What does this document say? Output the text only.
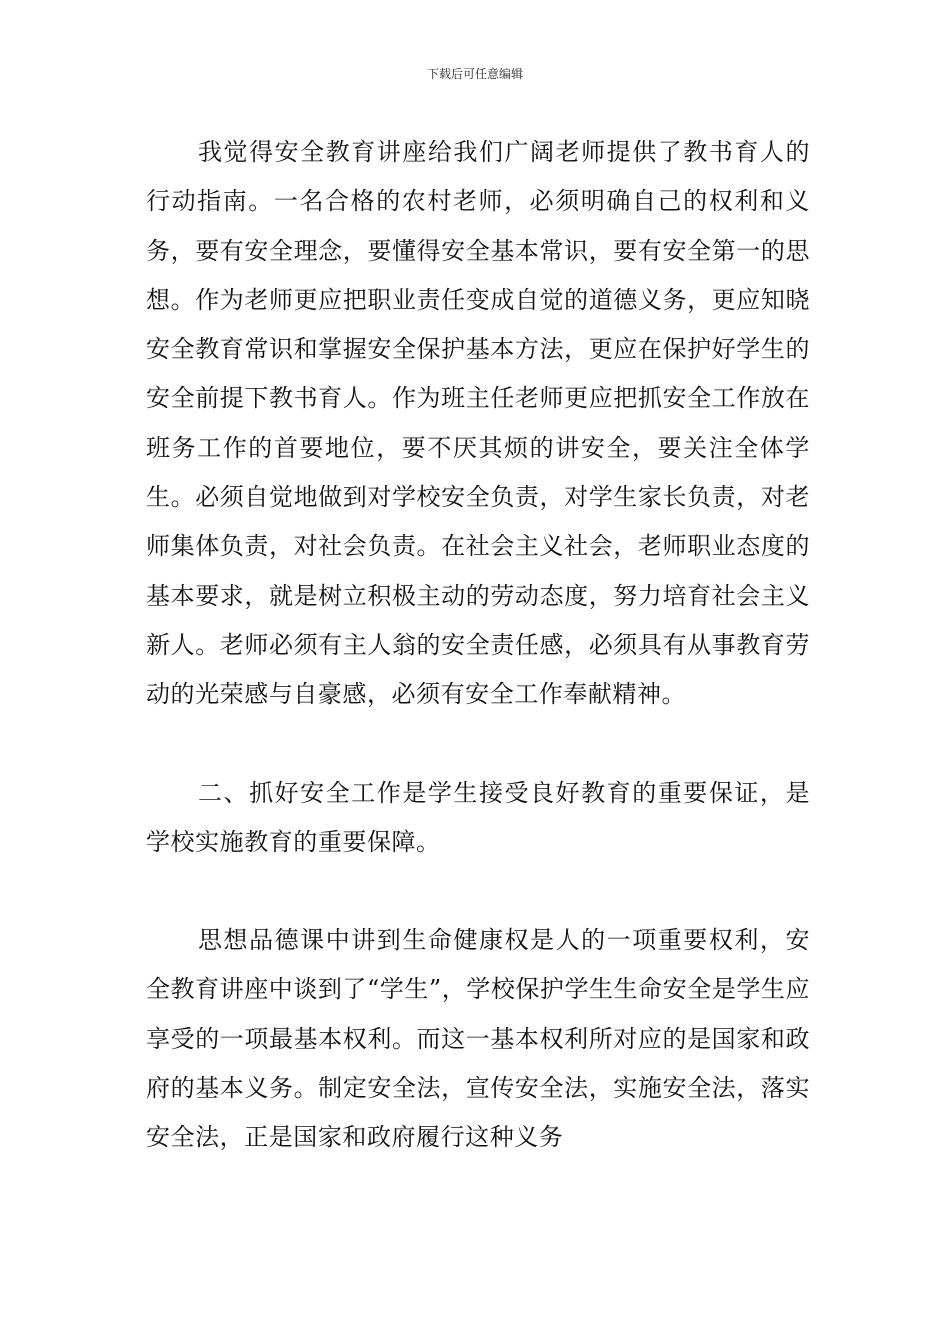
下载后可任意编辑

我觉得安全教育讲座给我们广阔老师提供了教书育人的行动指南。一名合格的农村老师，必须明确自己的权利和义务，要有安全理念，要懂得安全基本常识，要有安全第一的思想。作为老师更应把职业责任变成自觉的道德义务，更应知晓安全教育常识和掌握安全保护基本方法，更应在保护好学生的安全前提下教书育人。作为班主任老师更应把抓安全工作放在班务工作的首要地位，要不厌其烦的讲安全，要关注全体学生。必须自觉地做到对学校安全负责，对学生家长负责，对老师集体负责，对社会负责。在社会主义社会，老师职业态度的基本要求，就是树立积极主动的劳动态度，努力培育社会主义新人。老师必须有主人翁的安全责任感，必须具有从事教育劳动的光荣感与自豪感，必须有安全工作奉献精神。

二、抓好安全工作是学生接受良好教育的重要保证，是学校实施教育的重要保障。

思想品德课中讲到生命健康权是人的一项重要权利，安全教育讲座中谈到了“学生”，学校保护学生生命安全是学生应享受的一项最基本权利。而这一基本权利所对应的是国家和政府的基本义务。制定安全法，宣传安全法，实施安全法，落实安全法，正是国家和政府履行这种义务
